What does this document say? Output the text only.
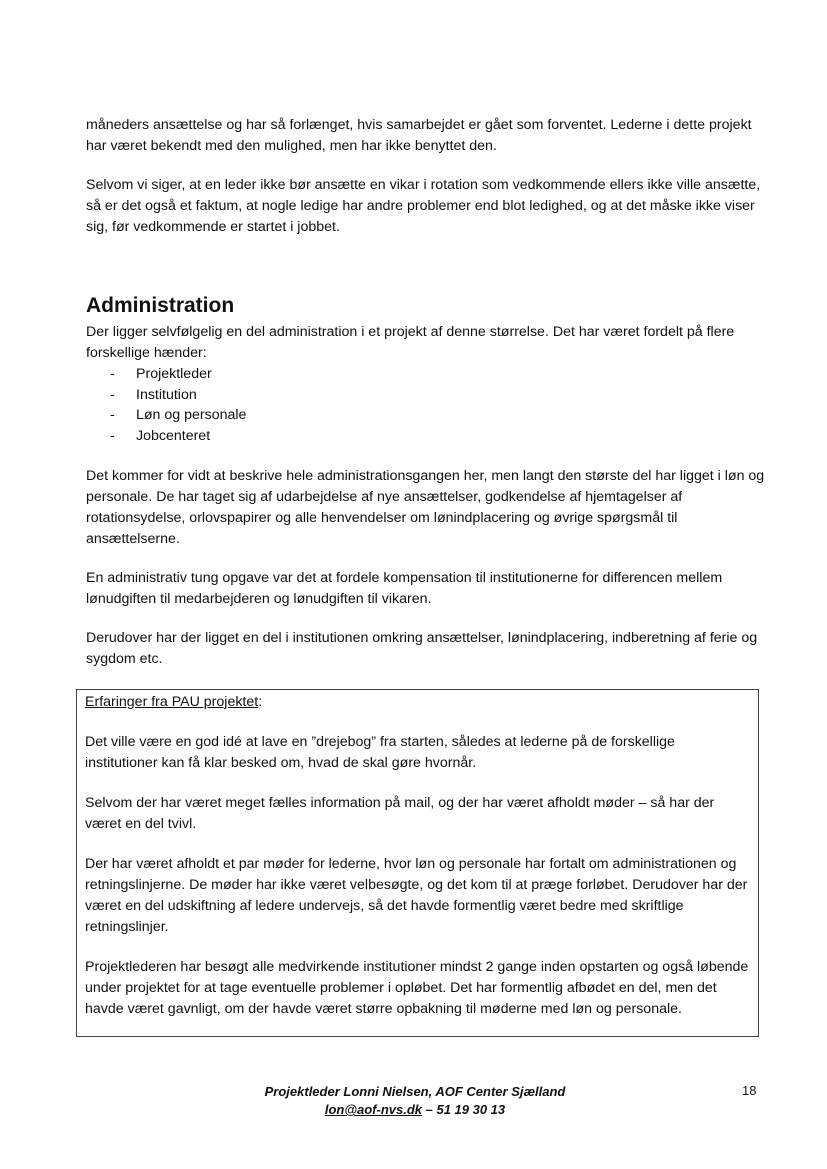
måneders ansættelse og har så forlænget, hvis samarbejdet er gået som forventet. Lederne i dette projekt har været bekendt med den mulighed, men har ikke benyttet den.

Selvom vi siger, at en leder ikke bør ansætte en vikar i rotation som vedkommende ellers ikke ville ansætte, så er det også et faktum, at nogle ledige har andre problemer end blot ledighed, og at det måske ikke viser sig, før vedkommende er startet i jobbet.

Administration

Der ligger selvfølgelig en del administration i et projekt af denne størrelse. Det har været fordelt på flere forskellige hænder:

- Projektleder
- Institution
- Løn og personale
- Jobcenteret

Det kommer for vidt at beskrive hele administrationsgangen her, men langt den største del har ligget i løn og personale. De har taget sig af udarbejdelse af nye ansættelser, godkendelse af hjemtagelser af rotationsydelse, orlovspapirer og alle henvendelser om lønindplacering og øvrige spørgsmål til ansættelserne.

En administrativ tung opgave var det at fordele kompensation til institutionerne for differencen mellem lønudgiften til medarbejderen og lønudgiften til vikaren.

Derudover har der ligget en del i institutionen omkring ansættelser, lønindplacering, indberetning af ferie og sygdom etc.

Erfaringer fra PAU projektet:

Det ville være en god idé at lave en ”drejebog” fra starten, således at lederne på de forskellige institutioner kan få klar besked om, hvad de skal gøre hvornår.

Selvom der har været meget fælles information på mail, og der har været afholdt møder – så har der været en del tvivl.

Der har været afholdt et par møder for lederne, hvor løn og personale har fortalt om administrationen og retningslinjerne. De møder har ikke været velbesøgte, og det kom til at præge forløbet. Derudover har der været en del udskiftning af ledere undervejs, så det havde formentlig været bedre med skriftlige retningslinjer.

Projektlederen har besøgt alle medvirkende institutioner mindst 2 gange inden opstarten og også løbende under projektet for at tage eventuelle problemer i opløbet. Det har formentlig afbødet en del, men det havde været gavnligt, om der havde været større opbakning til møderne med løn og personale.

Projektleder Lonni Nielsen, AOF Center Sjælland
lon@aof-nvs.dk – 51 19 30 13
18
